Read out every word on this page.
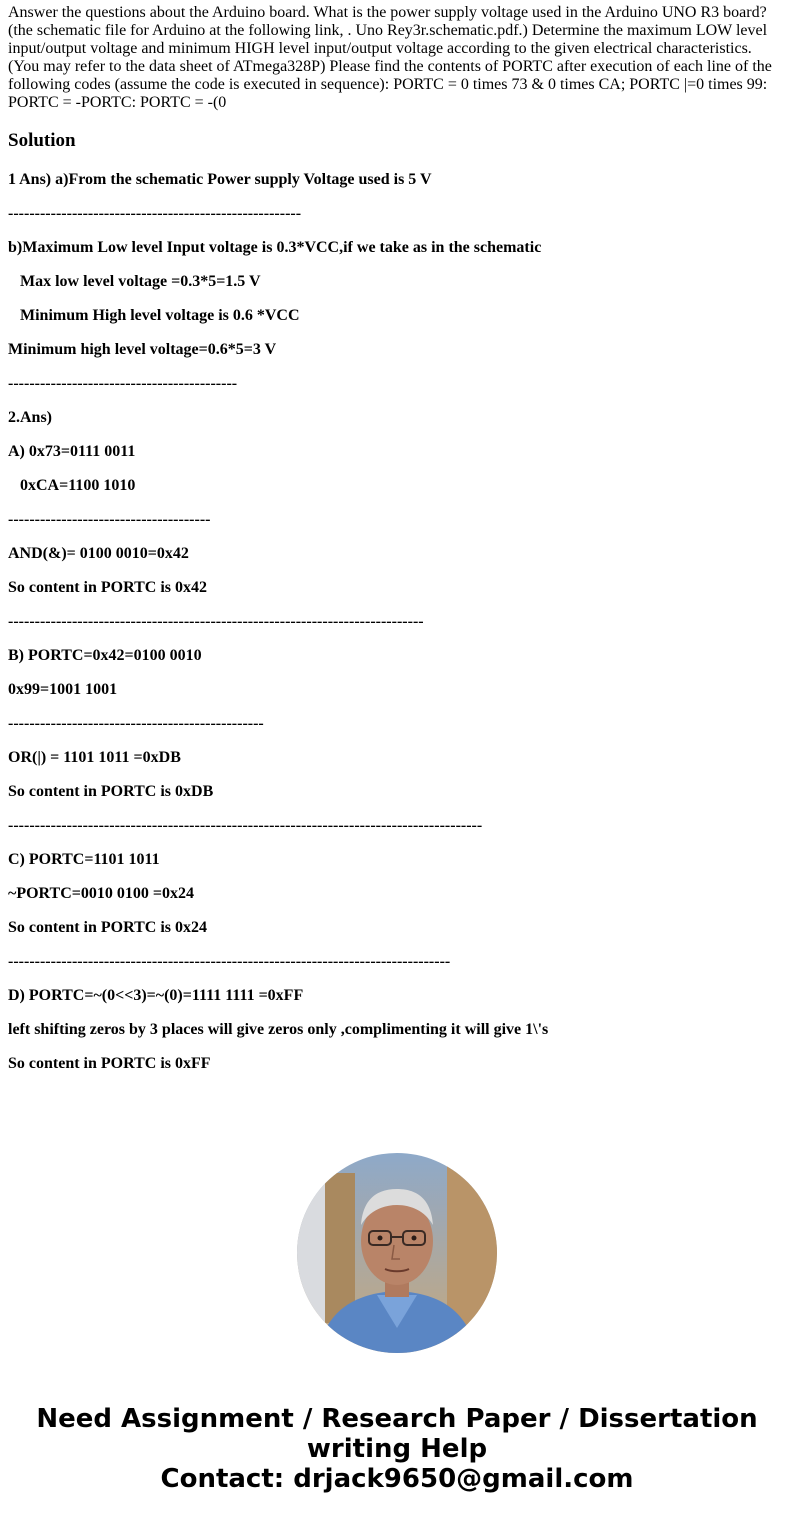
Answer the questions about the Arduino board. What is the power supply voltage used in the Arduino UNO R3 board? (the schematic file for Arduino at the following link, . Uno Rey3r.schematic.pdf.) Determine the maximum LOW level input/output voltage and minimum HIGH level input/output voltage according to the given electrical characteristics. (You may refer to the data sheet of ATmega328P) Please find the contents of PORTC after execution of each line of the following codes (assume the code is executed in sequence): PORTC = 0 times 73 & 0 times CA; PORTC |=0 times 99: PORTC = -PORTC: PORTC = -(0

Solution

1 Ans) a)From the schematic Power supply Voltage used is 5 V

-------------------------------------------------------

b)Maximum Low level Input voltage is 0.3*VCC,if we take as in the schematic

Max low level voltage =0.3*5=1.5 V

Minimum High level voltage is 0.6 *VCC

Minimum high level voltage=0.6*5=3 V

-------------------------------------------

2.Ans)

A) 0x73=0111 0011

0xCA=1100 1010

--------------------------------------

AND(&)= 0100 0010=0x42

So content in PORTC is 0x42

------------------------------------------------------------------------------

B) PORTC=0x42=0100 0010

0x99=1001 1001

------------------------------------------------

OR(|) = 1101 1011 =0xDB

So content in PORTC is 0xDB

-----------------------------------------------------------------------------------------

C) PORTC=1101 1011

~PORTC=0010 0100 =0x24

So content in PORTC is 0x24

-----------------------------------------------------------------------------------

D) PORTC=~(0<<3)=~(0)=1111 1111 =0xFF

left shifting zeros by 3 places will give zeros only ,complimenting it will give 1\'s

So content in PORTC is 0xFF

Need Assignment / Research Paper / Dissertation
writing Help
Contact: drjack9650@gmail.com
